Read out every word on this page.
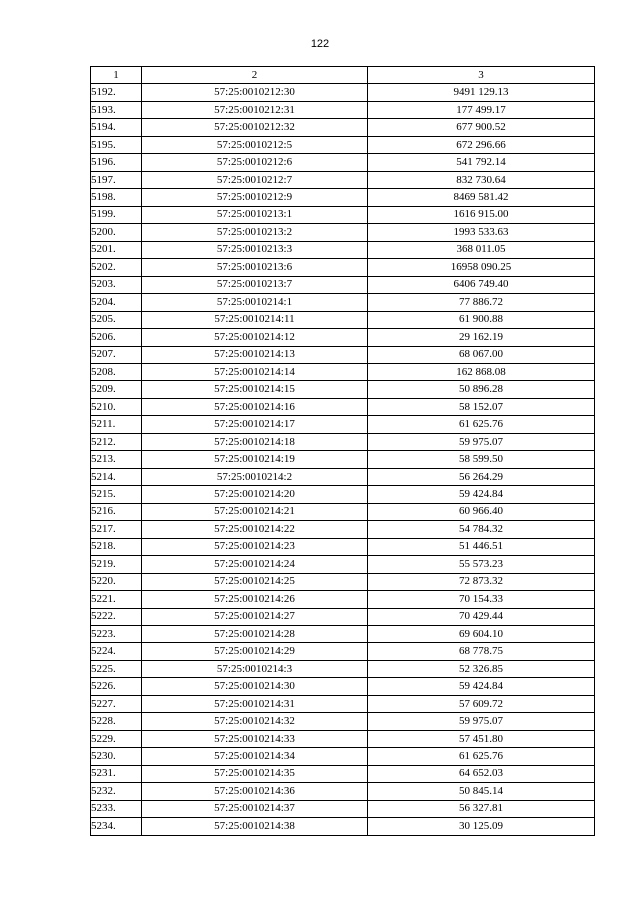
122
1	2	3
5192.	57:25:0010212:30	9491 129.13
5193.	57:25:0010212:31	177 499.17
5194.	57:25:0010212:32	677 900.52
5195.	57:25:0010212:5	672 296.66
5196.	57:25:0010212:6	541 792.14
5197.	57:25:0010212:7	832 730.64
5198.	57:25:0010212:9	8469 581.42
5199.	57:25:0010213:1	1616 915.00
5200.	57:25:0010213:2	1993 533.63
5201.	57:25:0010213:3	368 011.05
5202.	57:25:0010213:6	16958 090.25
5203.	57:25:0010213:7	6406 749.40
5204.	57:25:0010214:1	77 886.72
5205.	57:25:0010214:11	61 900.88
5206.	57:25:0010214:12	29 162.19
5207.	57:25:0010214:13	68 067.00
5208.	57:25:0010214:14	162 868.08
5209.	57:25:0010214:15	50 896.28
5210.	57:25:0010214:16	58 152.07
5211.	57:25:0010214:17	61 625.76
5212.	57:25:0010214:18	59 975.07
5213.	57:25:0010214:19	58 599.50
5214.	57:25:0010214:2	56 264.29
5215.	57:25:0010214:20	59 424.84
5216.	57:25:0010214:21	60 966.40
5217.	57:25:0010214:22	54 784.32
5218.	57:25:0010214:23	51 446.51
5219.	57:25:0010214:24	55 573.23
5220.	57:25:0010214:25	72 873.32
5221.	57:25:0010214:26	70 154.33
5222.	57:25:0010214:27	70 429.44
5223.	57:25:0010214:28	69 604.10
5224.	57:25:0010214:29	68 778.75
5225.	57:25:0010214:3	52 326.85
5226.	57:25:0010214:30	59 424.84
5227.	57:25:0010214:31	57 609.72
5228.	57:25:0010214:32	59 975.07
5229.	57:25:0010214:33	57 451.80
5230.	57:25:0010214:34	61 625.76
5231.	57:25:0010214:35	64 652.03
5232.	57:25:0010214:36	50 845.14
5233.	57:25:0010214:37	56 327.81
5234.	57:25:0010214:38	30 125.09
